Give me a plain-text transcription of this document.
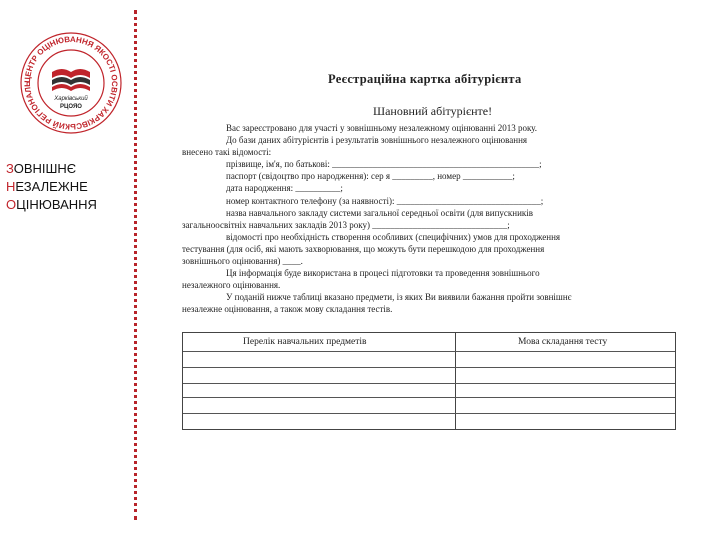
ЦЕНТР ОЦІНЮВАННЯ ЯКОСТІ ОСВІТИ ХАРКІВСЬКИЙ РЕГІОНАЛЬ
Харківський
РЦОЯО
ЗОВНІШНЄ
НЕЗАЛЕЖНЕ
ОЦІНЮВАННЯ
Реєстраційна картка абітурієнта
Шановний абітурієнте!
Вас зареєстровано для участі у зовнішньому незалежному оцінюванні 2013 року.
До бази даних абітурієнтів і результатів зовнішнього незалежного оцінювання
внесено такі відомості:
прізвище, ім'я, по батькові: ______________________________________________;
паспорт (свідоцтво про народження): сер я _________, номер ___________;
дата народження: __________;
номер контактного телефону (за наявності): ________________________________;
назва навчального закладу системи загальної середньої освіти (для випускників
загальноосвітніх навчальних закладів 2013 року) ______________________________;
відомості про необхідність створення особливих (специфічних) умов для проходження
тестування (для осіб, які мають захворювання, що можуть бути перешкодою для проходження
зовнішнього оцінювання) ____.
Ця інформація буде використана в процесі підготовки та проведення зовнішнього
незалежного оцінювання.
У поданій нижче таблиці вказано предмети, із яких Ви виявили бажання пройти зовнішнє
незалежне оцінювання, а також мову складання тестів.
Перелік навчальних предметів	Мова складання тесту
